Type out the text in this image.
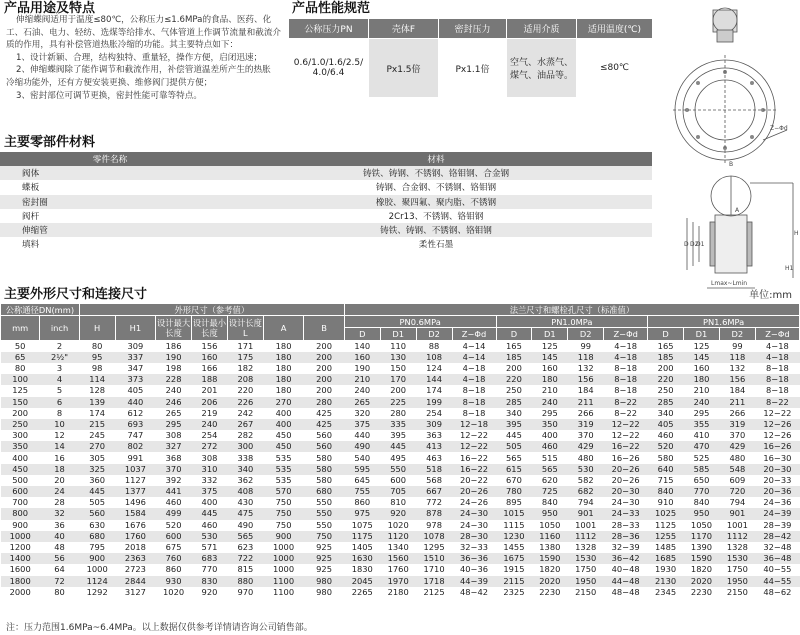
产品用途及特点
伸缩蝶阀适用于温度≤80℃，公称压力≤1.6MPa的食品、医药、化
工、石油、电力、轻纺、选煤等给排水、气体管道上作调节流量和截流介
质的作用，具有补偿管道热胀冷缩的功能。其主要特点如下：
1、设计新颖、合理，结构独特、重量轻，操作方便，启闭迅速；
2、伸缩蝶阀除了能作调节和截流作用，补偿管道温差所产生的热胀
冷缩功能外，还有方便安装更换、维修阀门提供方便；
3、密封部位可调节更换，密封性能可靠等特点。
产品性能规范
公称压力PN	壳体F	密封压力	适用介质	适用温度(℃)
0.6/1.0/1.6/2.5/4.0/6.4	Px1.5倍	Px1.1倍	空气、水蒸气、煤气、油品等。	≤80℃
Z−Φd
B
A
H
D1
D2
D
Lmax~Lmin
H1
主要零部件材料
零件名称	材料
阀体	铸铁、铸钢、不锈钢、铬钼钢、合金钢
蝶板	铸钢、合金钢、不锈钢、铬钼钢
密封圈	橡胶、聚四氟、聚内脂、不锈钢
阀杆	2Cr13、不锈钢、铬钼钢
伸缩管	铸铁、铸钢、不锈钢、铬钼钢
填料	柔性石墨
主要外形尺寸和连接尺寸	单位:mm
公称通径DN(mm)		外形尺寸（参考值）							法兰尺寸和螺栓孔尺寸（标准值）											
		H	H1	设计最大长度	设计最小长度	设计长度L	A	B	PN0.6MPa				PN1.0MPa				PN1.6MPa			
mm	inch																			
									D	D1	D2	Z−Φd	D	D1	D2	Z−Φd	D	D1	D2	Z−Φd
50	2	80	309	186	156	171	180	200	140	110	88	4−14	165	125	99	4−18	165	125	99	4−18
65	2½"	95	337	190	160	175	180	200	160	130	108	4−14	185	145	118	4−18	185	145	118	4−18
80	3	98	347	198	166	182	180	200	190	150	124	4−18	200	160	132	8−18	200	160	132	8−18
100	4	114	373	228	188	208	180	200	210	170	144	4−18	220	180	156	8−18	220	180	156	8−18
125	5	128	405	240	201	220	180	200	240	200	174	8−18	250	210	184	8−18	250	210	184	8−18
150	6	139	440	246	206	226	270	280	265	225	199	8−18	285	240	211	8−22	285	240	211	8−22
200	8	174	612	265	219	242	400	425	320	280	254	8−18	340	295	266	8−22	340	295	266	12−22
250	10	215	693	295	240	267	400	425	375	335	309	12−18	395	350	319	12−22	405	355	319	12−26
300	12	245	747	308	254	282	450	560	440	395	363	12−22	445	400	370	12−22	460	410	370	12−26
350	14	270	802	327	272	300	450	560	490	445	413	12−22	505	460	429	16−22	520	470	429	16−26
400	16	305	991	368	308	338	535	580	540	495	463	16−22	565	515	480	16−26	580	525	480	16−30
450	18	325	1037	370	310	340	535	580	595	550	518	16−22	615	565	530	20−26	640	585	548	20−30
500	20	360	1127	392	332	362	535	580	645	600	568	20−22	670	620	582	20−26	715	650	609	20−33
600	24	445	1377	441	375	408	570	680	755	705	667	20−26	780	725	682	20−30	840	770	720	20−36
700	28	505	1496	460	400	430	750	550	860	810	772	24−26	895	840	794	24−30	910	840	794	24−36
800	32	560	1584	499	445	475	750	550	975	920	878	24−30	1015	950	901	24−33	1025	950	901	24−39
900	36	630	1676	520	460	490	750	550	1075	1020	978	24−30	1115	1050	1001	28−33	1125	1050	1001	28−39
1000	40	680	1760	600	530	565	900	750	1175	1120	1078	28−30	1230	1160	1112	28−36	1255	1170	1112	28−42
1200	48	795	2018	675	571	623	1000	925	1405	1340	1295	32−33	1455	1380	1328	32−39	1485	1390	1328	32−48
1400	56	900	2363	760	683	722	1000	925	1630	1560	1510	36−36	1675	1590	1530	36−42	1685	1590	1530	36−48
1600	64	1000	2723	860	770	815	1000	925	1830	1760	1710	40−36	1915	1820	1750	40−48	1930	1820	1750	40−55
1800	72	1124	2844	930	830	880	1100	980	2045	1970	1718	44−39	2115	2020	1950	44−48	2130	2020	1950	44−55
2000	80	1292	3127	1020	920	970	1100	980	2265	2180	2125	48−42	2325	2230	2150	48−48	2345	2230	2150	48−62
注：压力范围1.6MPa~6.4MPa。以上数据仅供参考详情请咨询公司销售部。
